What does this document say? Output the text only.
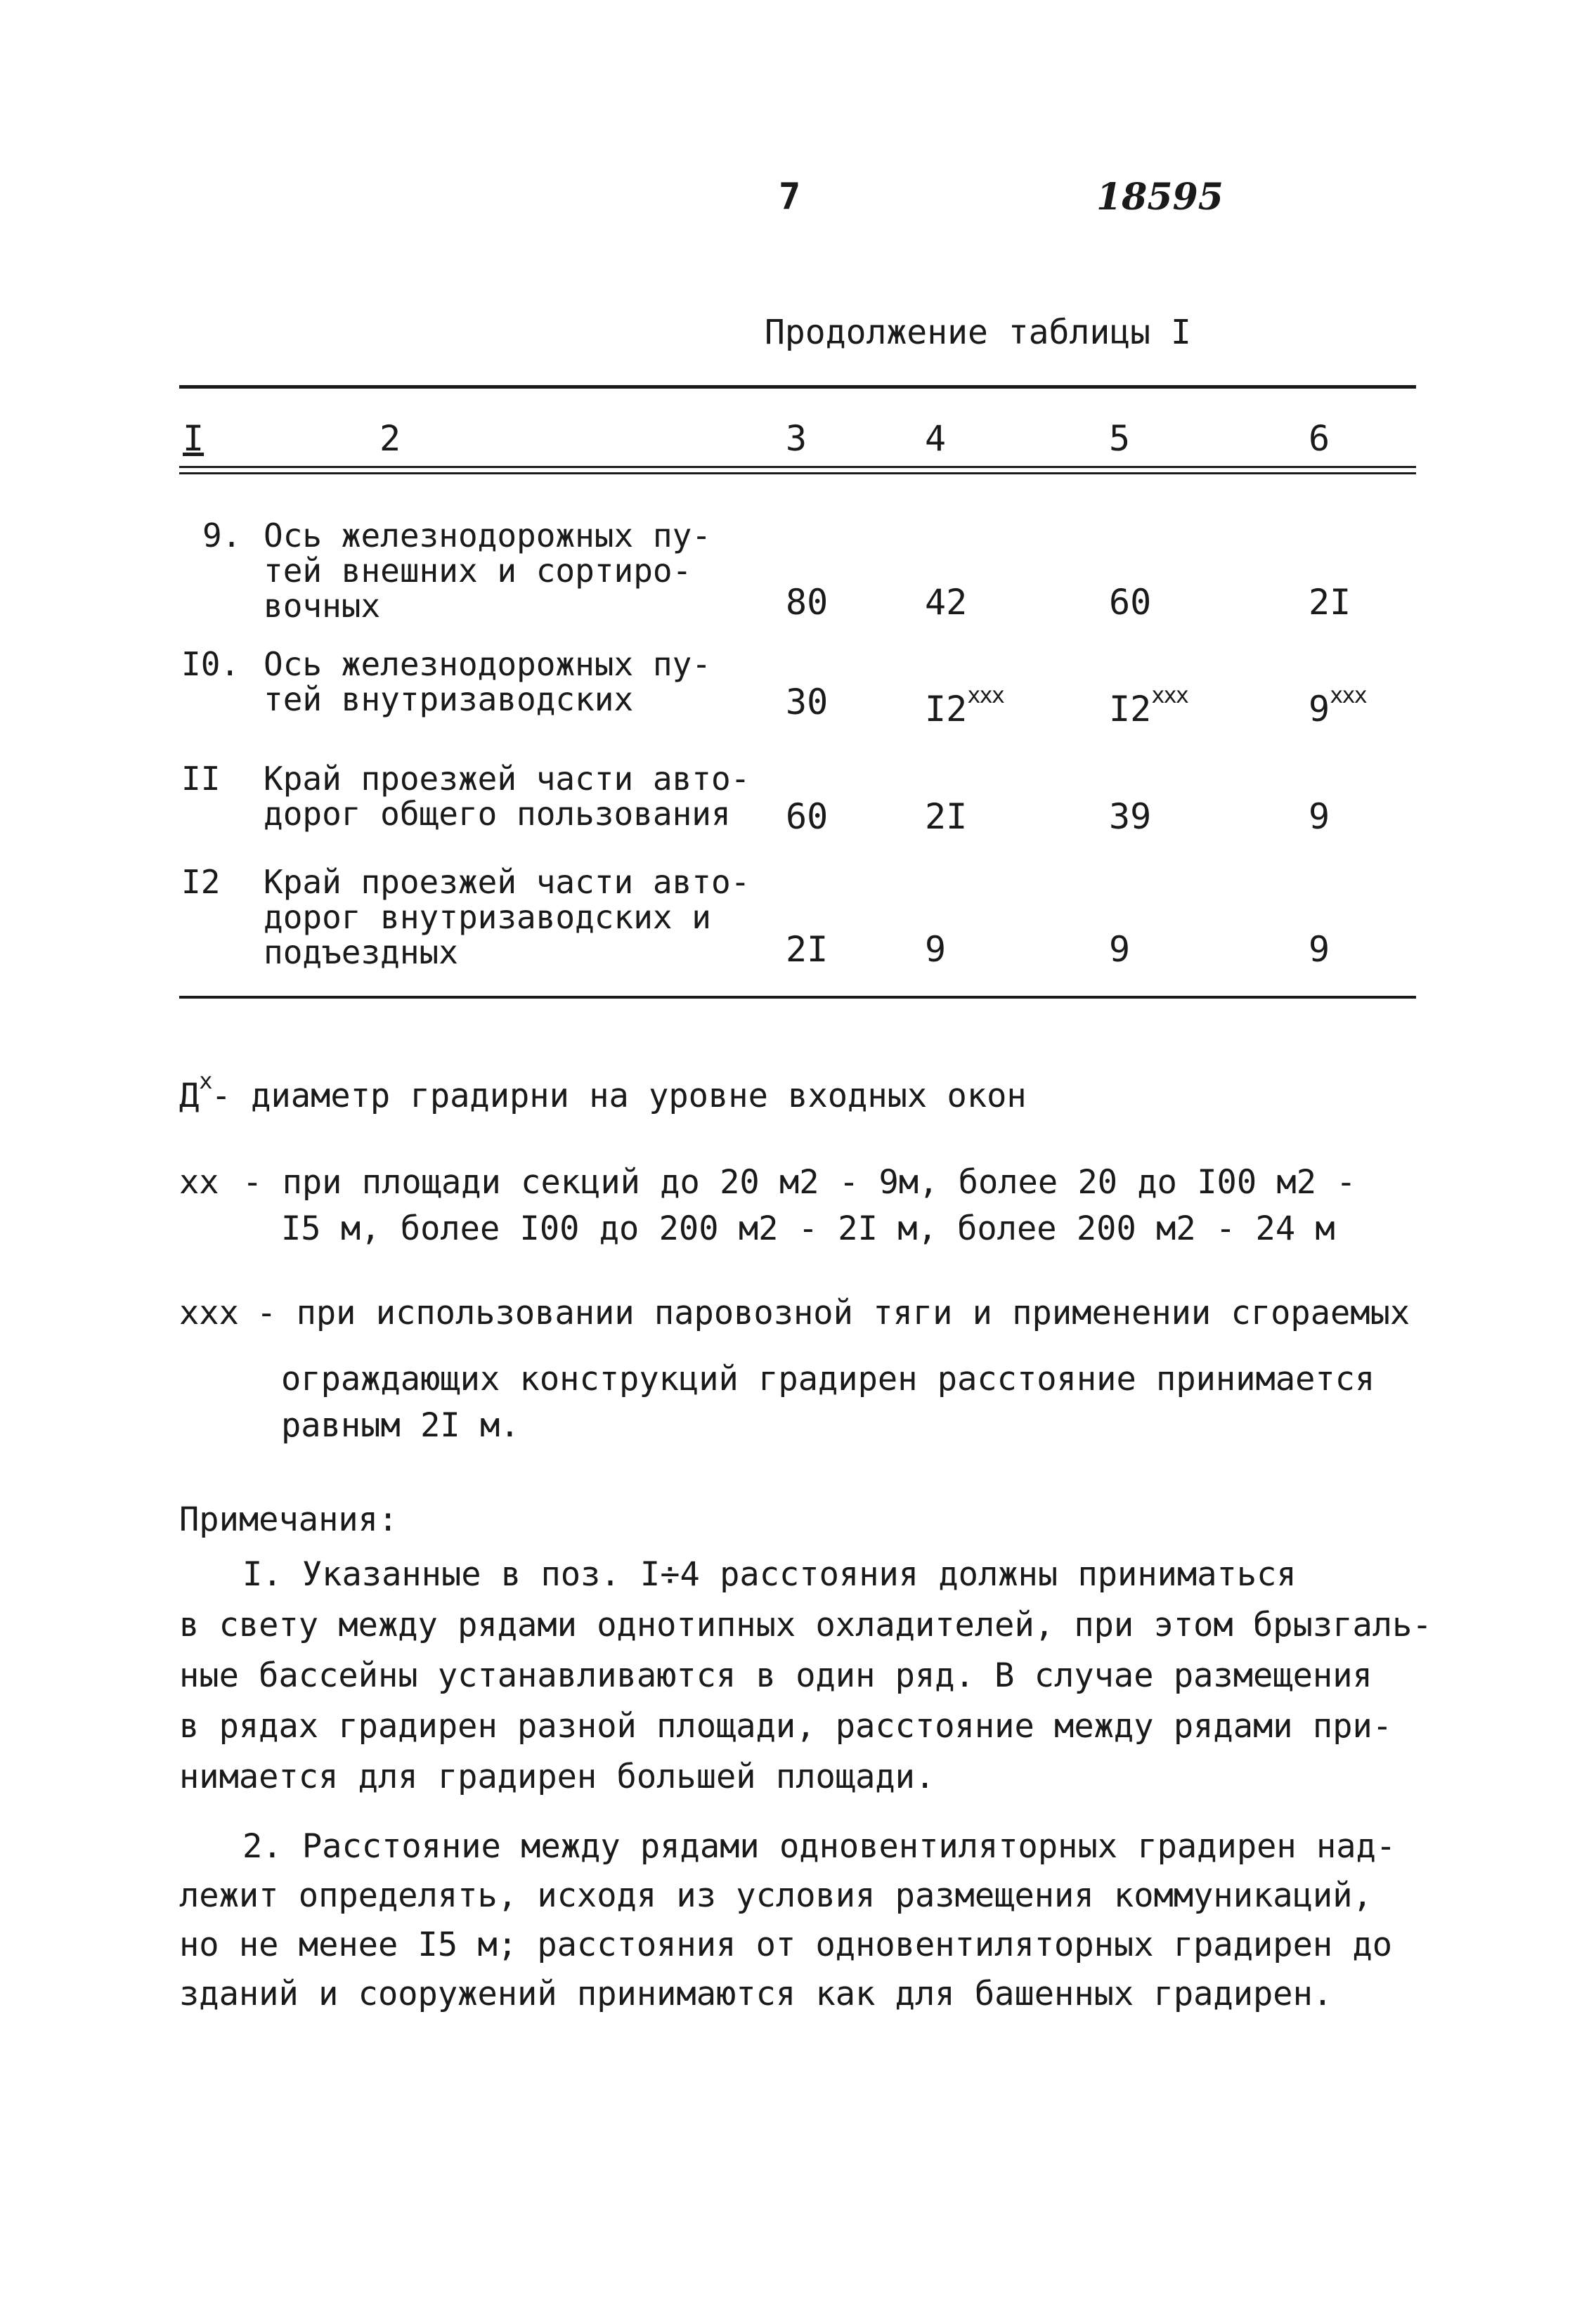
7	18595
Продолжение таблицы I
I	2	3	4	5	6
9. Ось железнодорожных пу-
тей внешних и сортиро-
вочных	80	42	60	2I
I0. Ось железнодорожных пу-
тей внутризаводских	30	I2$^{xxx}$	I2$^{xxx}$	9$^{xxx}$
II Край проезжей части авто-
дорог общего пользования 60	2I	39	9
I2 Край проезжей части авто-
дорог внутризаводских и
подъездных	2I	9	9	9
$Д^x-$ диаметр градирни на уровне входных окон
xx - при площади секций до 20 м2 - 9м, более 20 до I00 м2 -
I5 м, более I00 до 200 м2 - 2I м, более 200 м2 - 24 м
xxx - при использовании паровозной тяги и применении сгораемых
ограждающих конструкций градирен расстояние принимается
равным 2I м.
Примечания:
I. Указанные в поз. I÷4 расстояния должны приниматься
в свету между рядами однотипных охладителей, при этом брызгаль-
ные бассейны устанавливаются в один ряд. В случае размещения
в рядах градирен разной площади, расстояние между рядами при-
нимается для градирен большей площади.
2. Расстояние между рядами одновентиляторных градирен над-
лежит определять, исходя из условия размещения коммуникаций,
но не менее I5 м; расстояния от одновентиляторных градирен до
зданий и сооружений принимаются как для башенных градирен.
